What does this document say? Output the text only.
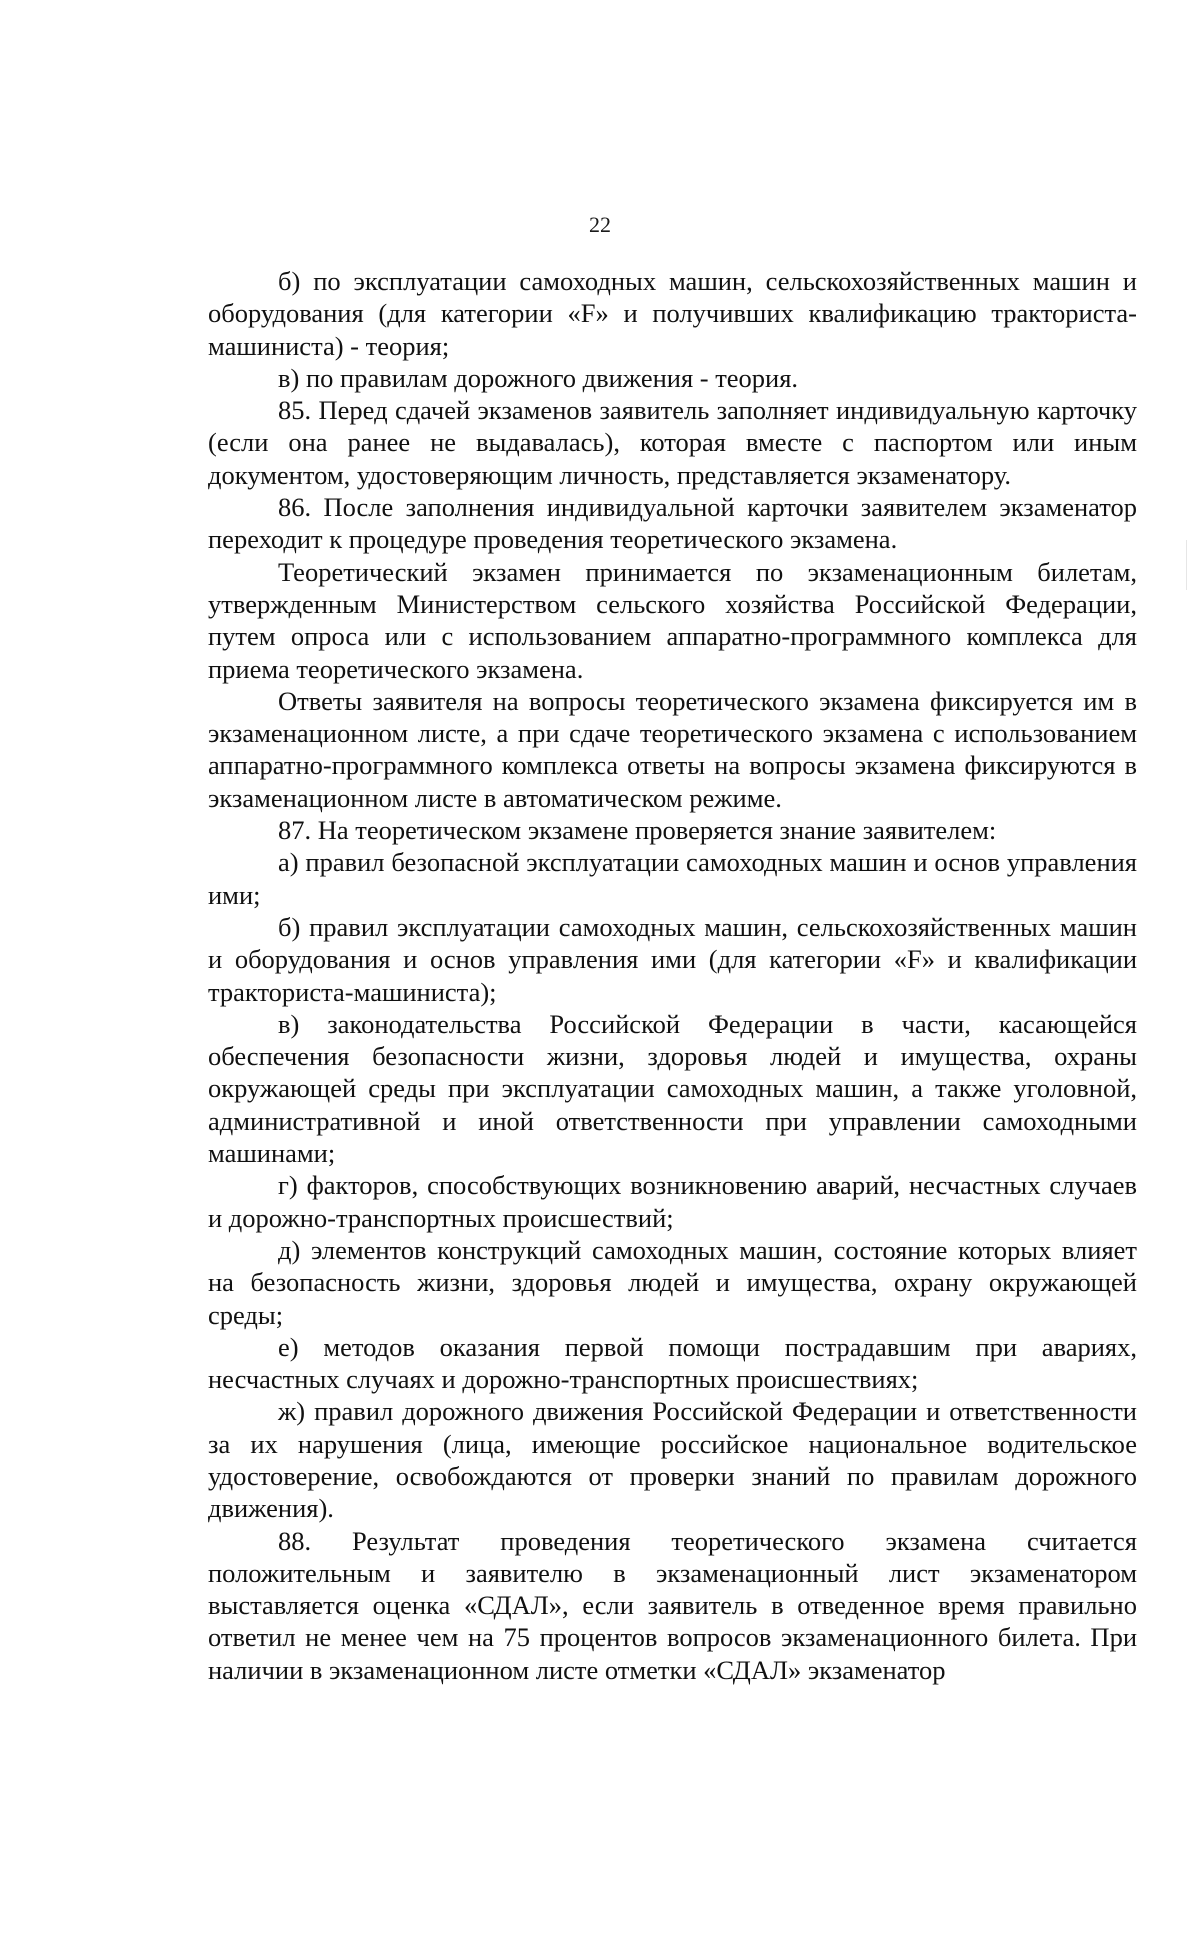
22

б) по эксплуатации самоходных машин, сельскохозяйственных машин и оборудования (для категории «F» и получивших квалификацию тракториста-машиниста) - теория;

в) по правилам дорожного движения - теория.

85. Перед сдачей экзаменов заявитель заполняет индивидуальную карточку (если она ранее не выдавалась), которая вместе с паспортом или иным документом, удостоверяющим личность, представляется экзаменатору.

86. После заполнения индивидуальной карточки заявителем экзаменатор переходит к процедуре проведения теоретического экзамена.

Теоретический экзамен принимается по экзаменационным билетам, утвержденным Министерством сельского хозяйства Российской Федерации, путем опроса или с использованием аппаратно-программного комплекса для приема теоретического экзамена.

Ответы заявителя на вопросы теоретического экзамена фиксируется им в экзаменационном листе, а при сдаче теоретического экзамена с использованием аппаратно-программного комплекса ответы на вопросы экзамена фиксируются в экзаменационном листе в автоматическом режиме.

87. На теоретическом экзамене проверяется знание заявителем:

а) правил безопасной эксплуатации самоходных машин и основ управления ими;

б) правил эксплуатации самоходных машин, сельскохозяйственных машин и оборудования и основ управления ими (для категории «F» и квалификации тракториста-машиниста);

в) законодательства Российской Федерации в части, касающейся обеспечения безопасности жизни, здоровья людей и имущества, охраны окружающей среды при эксплуатации самоходных машин, а также уголовной, административной и иной ответственности при управлении самоходными машинами;

г) факторов, способствующих возникновению аварий, несчастных случаев и дорожно-транспортных происшествий;

д) элементов конструкций самоходных машин, состояние которых влияет на безопасность жизни, здоровья людей и имущества, охрану окружающей среды;

е) методов оказания первой помощи пострадавшим при авариях, несчастных случаях и дорожно-транспортных происшествиях;

ж) правил дорожного движения Российской Федерации и ответственности за их нарушения (лица, имеющие российское национальное водительское удостоверение, освобождаются от проверки знаний по правилам дорожного движения).

88. Результат проведения теоретического экзамена считается положительным и заявителю в экзаменационный лист экзаменатором выставляется оценка «СДАЛ», если заявитель в отведенное время правильно ответил не менее чем на 75 процентов вопросов экзаменационного билета. При наличии в экзаменационном листе отметки «СДАЛ» экзаменатор
